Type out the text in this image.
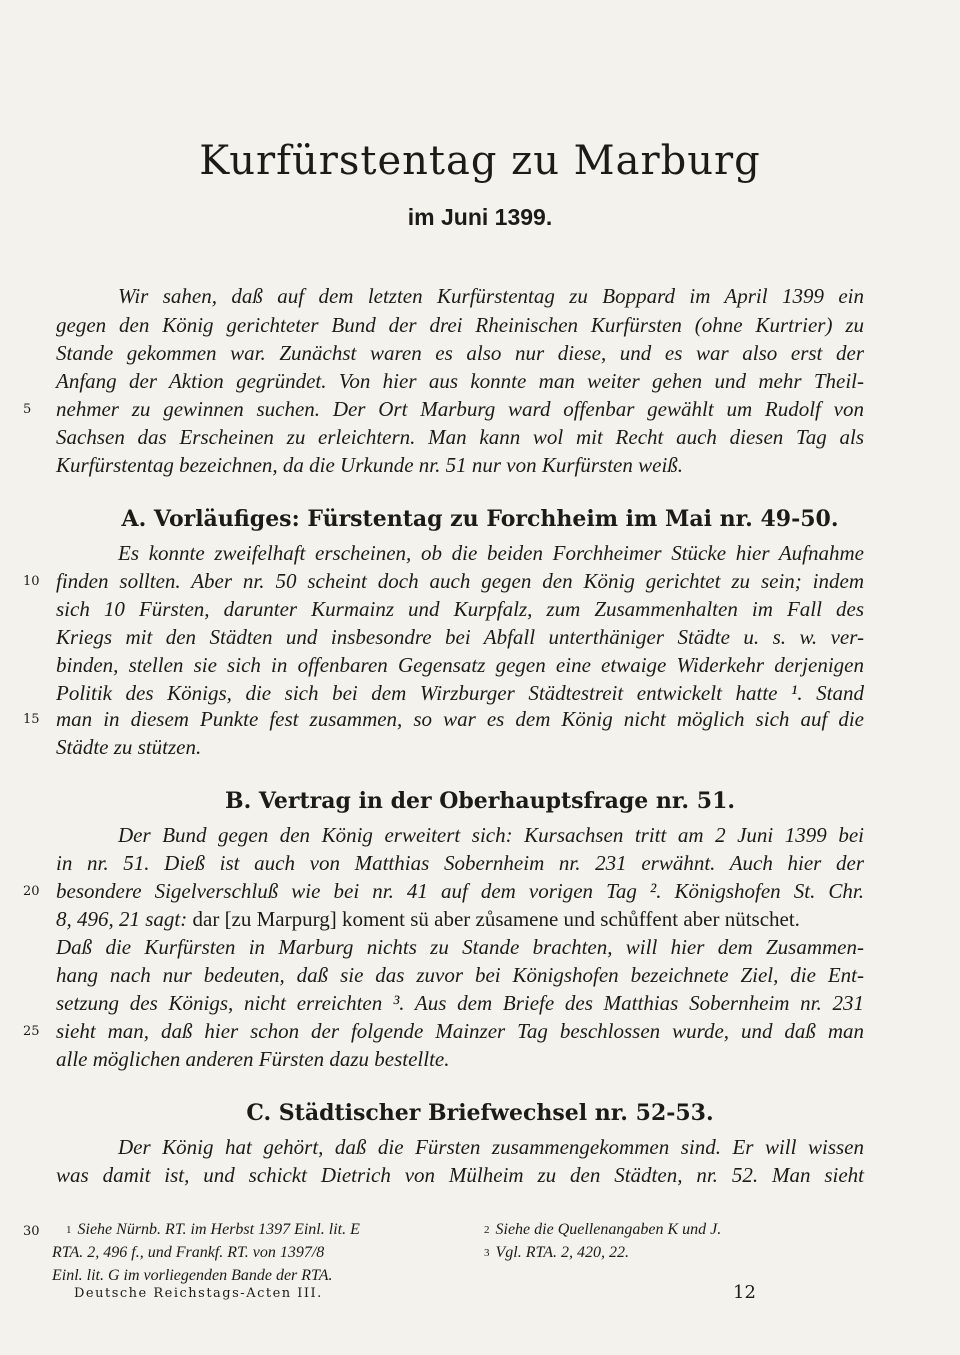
Kurfürstentag zu Marburg
im Juni 1399.
Wir sahen, daß auf dem letzten Kurfürstentag zu Boppard im April 1399 ein
gegen den König gerichteter Bund der drei Rheinischen Kurfürsten (ohne Kurtrier) zu
Stande gekommen war. Zunächst waren es also nur diese, und es war also erst der
Anfang der Aktion gegründet. Von hier aus konnte man weiter gehen und mehr Theil-
5 nehmer zu gewinnen suchen. Der Ort Marburg ward offenbar gewählt um Rudolf von
Sachsen das Erscheinen zu erleichtern. Man kann wol mit Recht auch diesen Tag als
Kurfürstentag bezeichnen, da die Urkunde nr. 51 nur von Kurfürsten weiß.
A. Vorläufiges: Fürstentag zu Forchheim im Mai nr. 49-50.
Es konnte zweifelhaft erscheinen, ob die beiden Forchheimer Stücke hier Aufnahme
10 finden sollten. Aber nr. 50 scheint doch auch gegen den König gerichtet zu sein; indem
sich 10 Fürsten, darunter Kurmainz und Kurpfalz, zum Zusammenhalten im Fall des
Kriegs mit den Städten und insbesondre bei Abfall unterthäniger Städte u. s. w. ver-
binden, stellen sie sich in offenbaren Gegensatz gegen eine etwaige Widerkehr derjenigen
Politik des Königs, die sich bei dem Wirzburger Städtestreit entwickelt hatte ¹. Stand
15 man in diesem Punkte fest zusammen, so war es dem König nicht möglich sich auf die
Städte zu stützen.
B. Vertrag in der Oberhauptsfrage nr. 51.
Der Bund gegen den König erweitert sich: Kursachsen tritt am 2 Juni 1399 bei
in nr. 51. Dieß ist auch von Matthias Sobernheim nr. 231 erwähnt. Auch hier der
20 besondere Sigelverschluß wie bei nr. 41 auf dem vorigen Tag ². Königshofen St. Chr.
8, 496, 21 sagt: dar [zu Marpurg] koment sü aber zůsamene und schůffent aber nütschet.
Daß die Kurfürsten in Marburg nichts zu Stande brachten, will hier dem Zusammen-
hang nach nur bedeuten, daß sie das zuvor bei Königshofen bezeichnete Ziel, die Ent-
setzung des Königs, nicht erreichten ³. Aus dem Briefe des Matthias Sobernheim nr. 231
25 sieht man, daß hier schon der folgende Mainzer Tag beschlossen wurde, und daß man
alle möglichen anderen Fürsten dazu bestellte.
C. Städtischer Briefwechsel nr. 52-53.
Der König hat gehört, daß die Fürsten zusammengekommen sind. Er will wissen
was damit ist, und schickt Dietrich von Mülheim zu den Städten, nr. 52. Man sieht
30 $^1$ Siehe Nürnb. RT. im Herbst 1397 Einl. lit. E
RTA. 2, 496 f., und Frankf. RT. von 1397/8
Einl. lit. G im vorliegenden Bande der RTA.
$^2$ Siehe die Quellenangaben K und J.
$^3$ Vgl. RTA. 2, 420, 22.
Deutsche Reichstags-Acten III.	12
